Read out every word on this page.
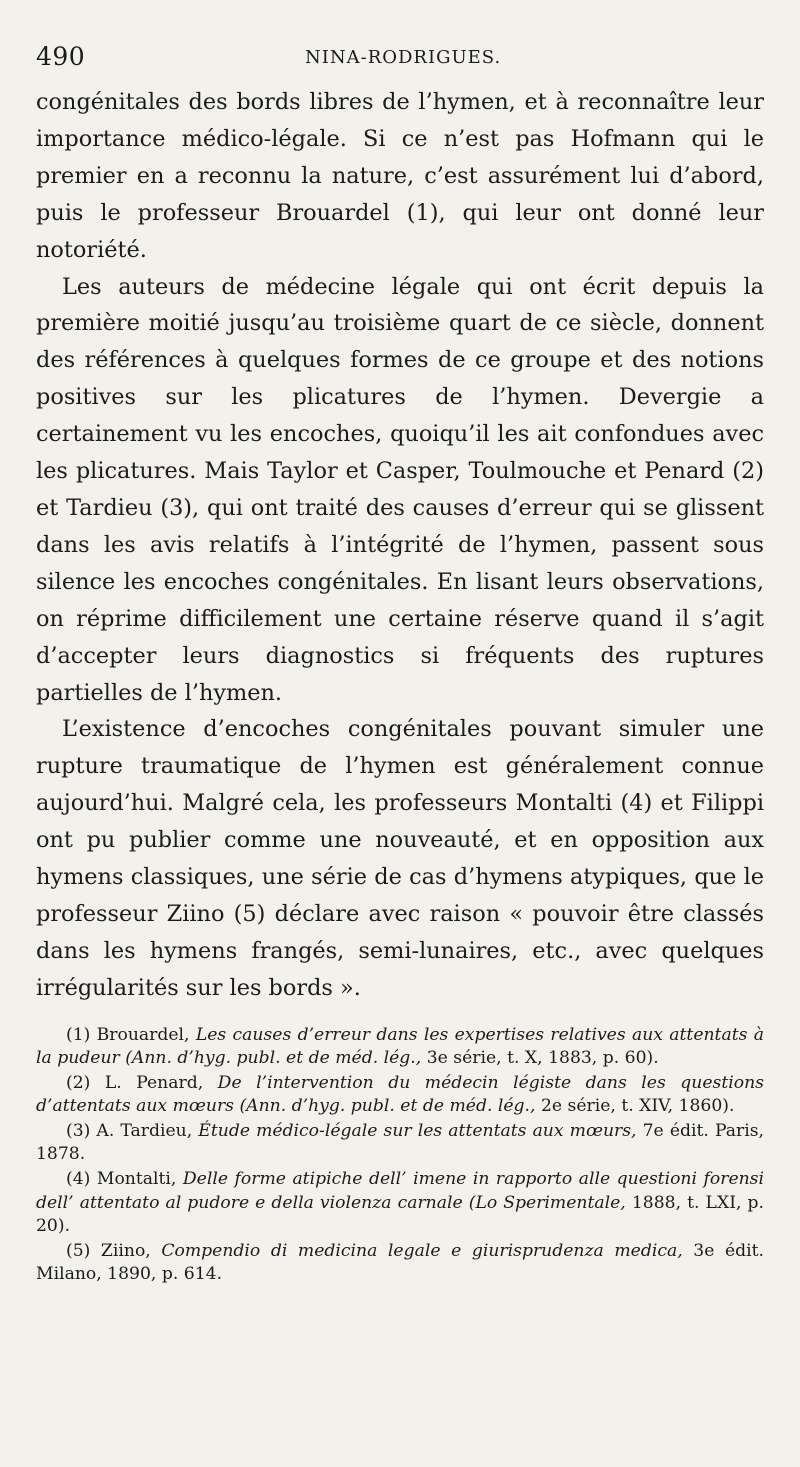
490	NINA-RODRIGUES.

congénitales des bords libres de l’hymen, et à reconnaître leur importance médico-légale. Si ce n’est pas Hofmann qui le premier en a reconnu la nature, c’est assurément lui d’abord, puis le professeur Brouardel (1), qui leur ont donné leur notoriété.

Les auteurs de médecine légale qui ont écrit depuis la première moitié jusqu’au troisième quart de ce siècle, donnent des références à quelques formes de ce groupe et des notions positives sur les plicatures de l’hymen. Devergie a certainement vu les encoches, quoiqu’il les ait confondues avec les plicatures. Mais Taylor et Casper, Toulmouche et Penard (2) et Tardieu (3), qui ont traité des causes d’erreur qui se glissent dans les avis relatifs à l’intégrité de l’hymen, passent sous silence les encoches congénitales. En lisant leurs observations, on réprime difficilement une certaine réserve quand il s’agit d’accepter leurs diagnostics si fréquents des ruptures partielles de l’hymen.

L’existence d’encoches congénitales pouvant simuler une rupture traumatique de l’hymen est généralement connue aujourd’hui. Malgré cela, les professeurs Montalti (4) et Filippi ont pu publier comme une nouveauté, et en opposition aux hymens classiques, une série de cas d’hymens atypiques, que le professeur Ziino (5) déclare avec raison « pouvoir être classés dans les hymens frangés, semi-lunaires, etc., avec quelques irrégularités sur les bords ».

(1) Brouardel, Les causes d’erreur dans les expertises relatives aux attentats à la pudeur (Ann. d’hyg. publ. et de méd. lég., 3e série, t. X, 1883, p. 60).

(2) L. Penard, De l’intervention du médecin légiste dans les questions d’attentats aux mœurs (Ann. d’hyg. publ. et de méd. lég., 2e série, t. XIV, 1860).

(3) A. Tardieu, Étude médico-légale sur les attentats aux mœurs, 7e édit. Paris, 1878.

(4) Montalti, Delle forme atipiche dell’ imene in rapporto alle questioni forensi dell’ attentato al pudore e della violenza carnale (Lo Sperimentale, 1888, t. LXI, p. 20).

(5) Ziino, Compendio di medicina legale e giurisprudenza medica, 3e édit. Milano, 1890, p. 614.
